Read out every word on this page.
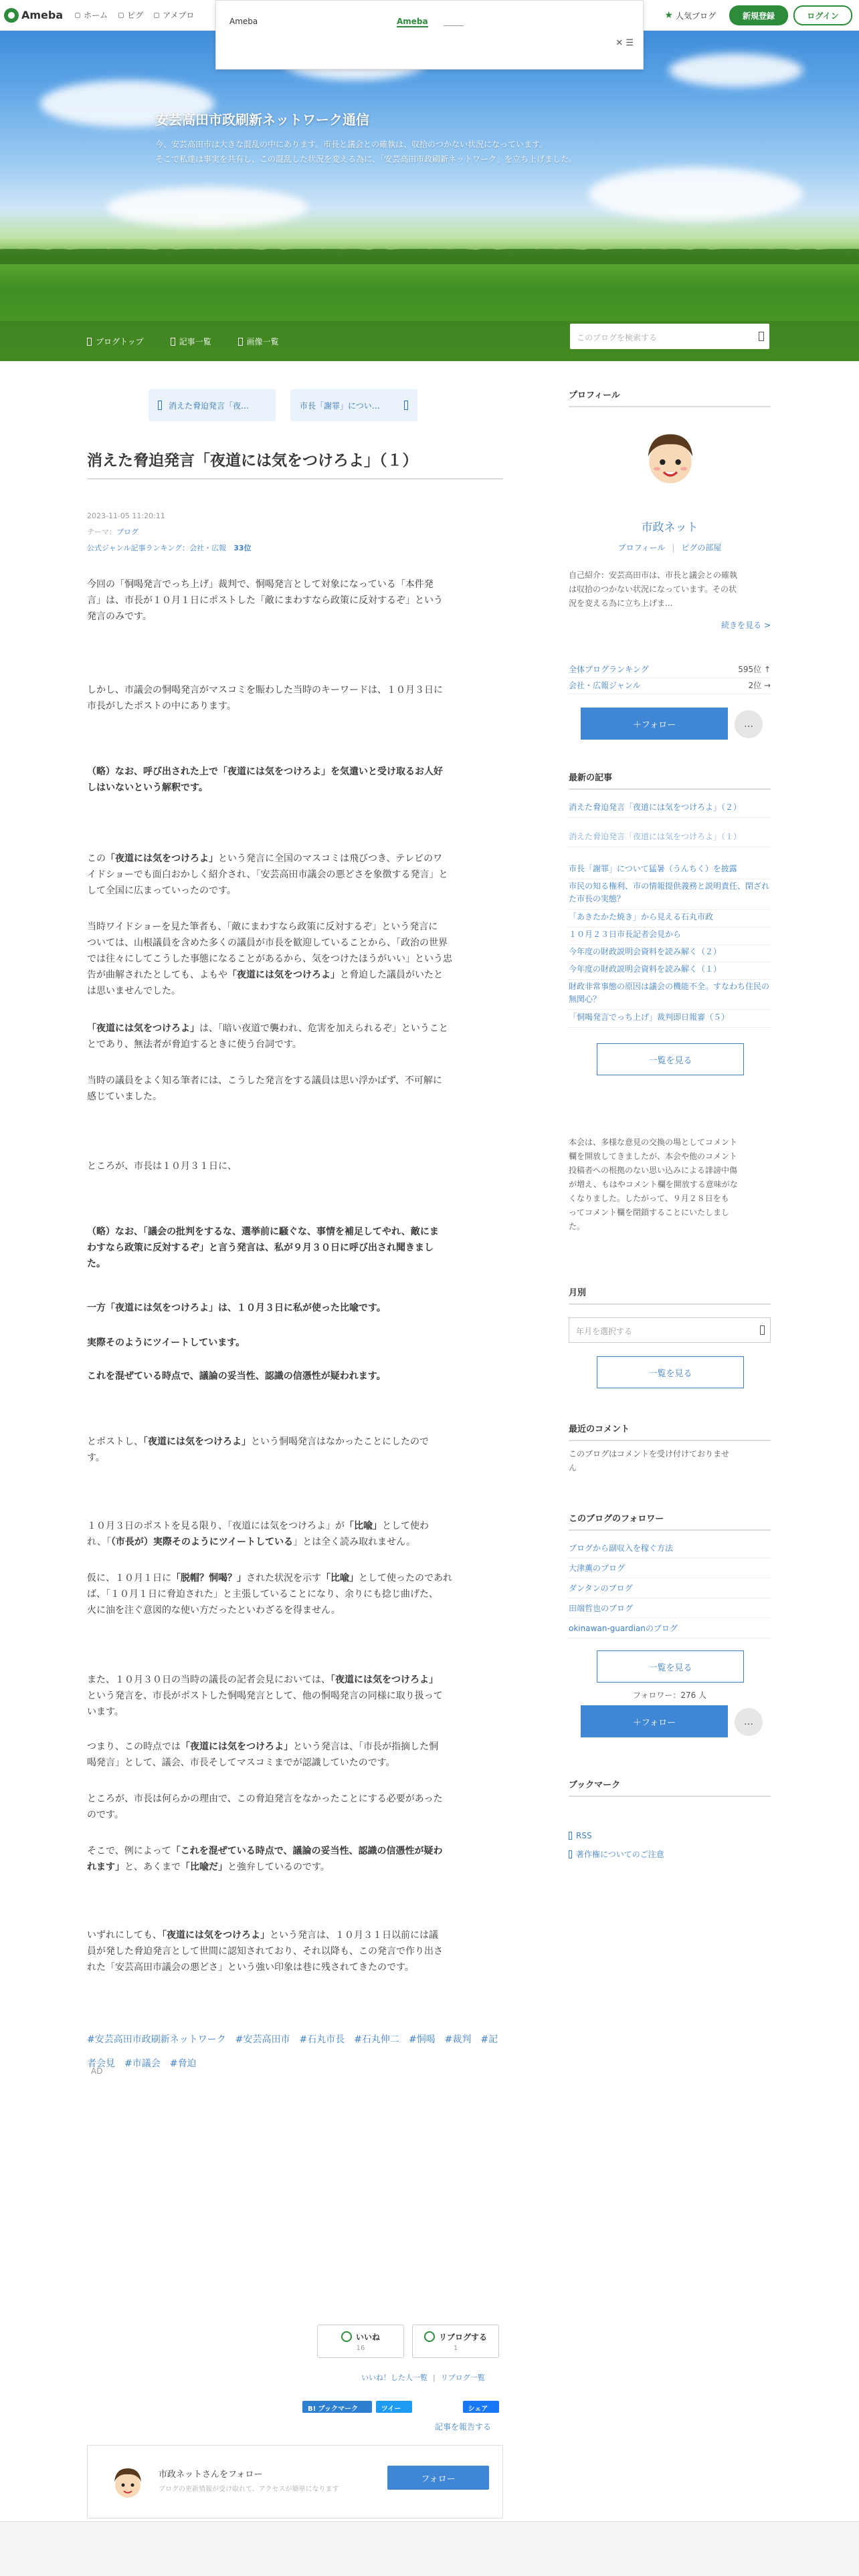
安芸高田市政刷新ネットワーク通信
今、安芸高田市は大きな混乱の中にあります。市長と議会との確執は、収拾のつかない状況になっています。
そこで私達は事実を共有し、この混乱した状況を変える為に、「安芸高田市政刷新ネットワーク」を立ち上げました。
Ameba	ホーム ピグ アメブロ	★ 人気ブログ	新規登録	ログイン
Ameba	Ameba
✕ ☰
ブログトップ	記事一覧	画像一覧	このブログを検索する
消えた脅迫発言「夜…	市長「謝罪」につい…
消えた脅迫発言「夜道には気をつけろよ」（１）
2023-11-05 11:20:11
テーマ：ブログ
公式ジャンル記事ランキング：会社・広報　 33位
今回の「恫喝発言でっち上げ」裁判で、恫喝発言として対象になっている「本件発
言」は、市長が１０月１日にポストした「敵にまわすなら政策に反対するぞ」という
発言のみです。
しかし、市議会の恫喝発言がマスコミを賑わした当時のキーワードは、１０月３日に
市長がしたポストの中にあります。
（略）なお、呼び出された上で「夜道には気をつけろよ」を気遣いと受け取るお人好
しはいないという解釈です。
この「夜道には気をつけろよ」という発言に全国のマスコミは飛びつき、テレビのワ
イドショーでも面白おかしく紹介され、「安芸高田市議会の悪どさを象徴する発言」と
して全国に広まっていったのです。
当時ワイドショーを見た筆者も、「敵にまわすなら政策に反対するぞ」という発言に
ついては、山根議員を含めた多くの議員が市長を歓迎していることから、「政治の世界
では往々にしてこうした事態になることがあるから、気をつけたほうがいい」という忠
告が曲解されたとしても、よもや「夜道には気をつけろよ」と脅迫した議員がいたと
は思いませんでした。
「夜道には気をつけろよ」は、「暗い夜道で襲われ、危害を加えられるぞ」ということ
とであり、無法者が脅迫するときに使う台詞です。
当時の議員をよく知る筆者には、こうした発言をする議員は思い浮かばず、不可解に
感じていました。
ところが、市長は１０月３１日に、
（略）なお、「議会の批判をするな、選挙前に騒ぐな、事情を補足してやれ、敵にま
わすなら政策に反対するぞ」と言う発言は、私が９月３０日に呼び出され聞きまし
た。
一方「夜道には気をつけろよ」は、１０月３日に私が使った比喩です。
実際そのようにツイートしています。
これを混ぜている時点で、議論の妥当性、認識の信憑性が疑われます。
とポストし、「夜道には気をつけろよ」という恫喝発言はなかったことにしたので
す。
１０月３日のポストを見る限り、「夜道には気をつけろよ」が「比喩」として使わ
れ、「（市長が）実際そのようにツイートしている」とは全く読み取れません。
仮に、１０月１日に「脱帽？恫喝？」された状況を示す「比喩」として使ったのであれ
ば、「１０月１日に脅迫された」と主張していることになり、余りにも捻じ曲げた、
火に油を注ぐ意図的な使い方だったといわざるを得ません。
また、１０月３０日の当時の議長の記者会見においては、「夜道には気をつけろよ」
という発言を、市長がポストした恫喝発言として、他の恫喝発言の同様に取り扱って
います。
つまり、この時点では「夜道には気をつけろよ」という発言は、「市長が指摘した恫
喝発言」として、議会、市長そしてマスコミまでが認識していたのです。
ところが、市長は何らかの理由で、この脅迫発言をなかったことにする必要があった
のです。
そこで、例によって「これを混ぜている時点で、議論の妥当性、認識の信憑性が疑わ
れます」と、あくまで「比喩だ」と強弁しているのです。
いずれにしても、「夜道には気をつけろよ」という発言は、１０月３１日以前には議
員が発した脅迫発言として世間に認知されており、それ以降も、この発言で作り出さ
れた「安芸高田市議会の悪どさ」という強い印象は巷に残されてきたのです。
#安芸高田市政刷新ネットワーク #安芸高田市 #石丸市長 #石丸伸二 #恫喝 #裁判 #記者会見 #市議会 #脅迫
AD
いいね
16
リブログする
1
いいね！した人一覧 | リブログ一覧
B! ブックマーク　0
ツイート
シェア 0
記事を報告する
市政ネットさんをフォロー
ブログの更新情報が受け取れて、アクセスが簡単になります
フォロー
プロフィール
市政ネット
プロフィール | ピグの部屋
自己紹介：安芸高田市は、市長と議会との確執
は収拾のつかない状況になっています。その状
況を変える為に立ち上げま...
続きを見る >
全体ブログランキング	595位 ↑
会社・広報ジャンル	2位 →
＋フォロー	…
最新の記事
消えた脅迫発言「夜道には気をつけろよ」（２）
消えた脅迫発言「夜道には気をつけろよ」（１）
市長「謝罪」について猛暑（うんちく）を披露
市民の知る権利、市の情報提供義務と説明責任、閉ざれた市長の実態？
「あきたかた焼き」から見える石丸市政
１０月２３日市長記者会見から
今年度の財政説明会資料を読み解く（２）
今年度の財政説明会資料を読み解く（１）
財政非常事態の原因は議会の機能不全。すなわち住民の無関心？
「恫喝発言でっち上げ」裁判即日報審（５）
一覧を見る
本会は、多様な意見の交換の場としてコメント
欄を開放してきましたが、本会や他のコメント
投稿者への根拠のない思い込みによる誹謗中傷
が増え、もはやコメント欄を開放する意味がな
くなりました。したがって、９月２８日をも
ってコメント欄を閉鎖することにいたしまし
た。
月別
年月を選択する
一覧を見る
最近のコメント
このブログはコメントを受け付けておりませ
ん
このブログのフォロワー
ブログから副収入を稼ぐ方法
大津薫のブログ
ダンタンのブログ
田端哲也のブログ
okinawan-guardianのブログ
一覧を見る
フォロワー：276 人
＋フォロー	…
ブックマーク
RSS
著作権についてのご注意
